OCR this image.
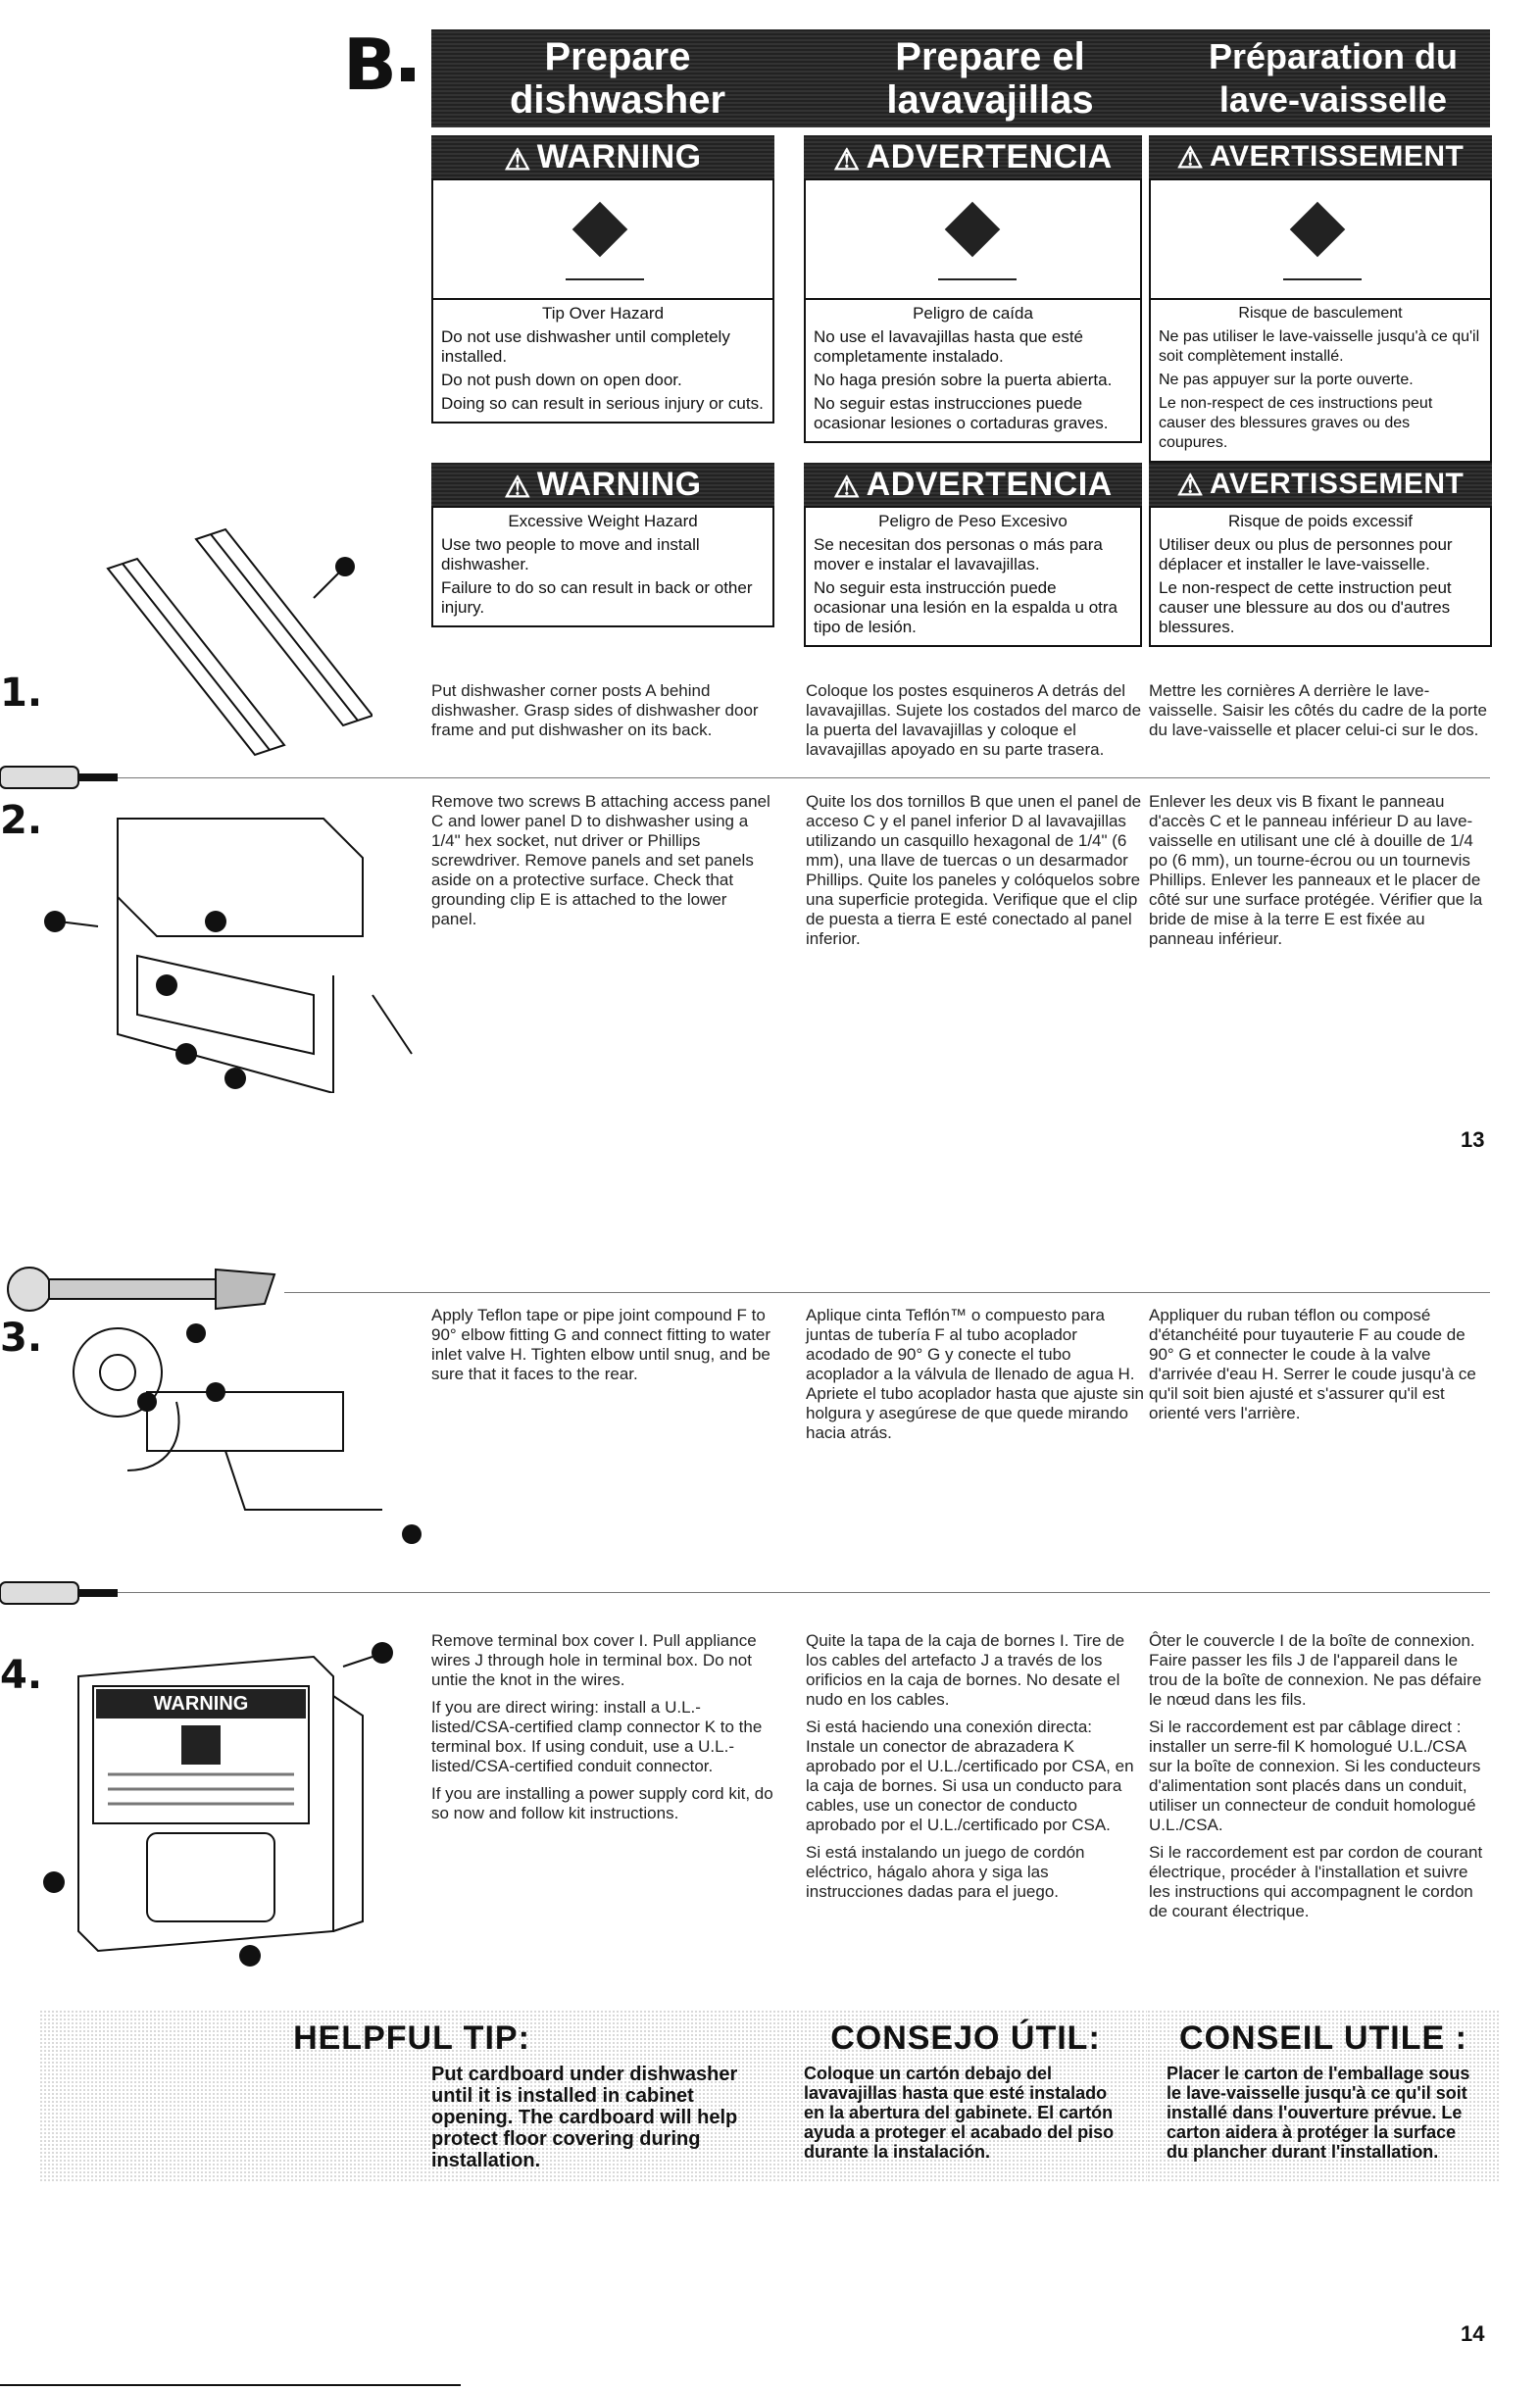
B	Prepare dishwasher
Prepare el lavavajillas
Préparation du lave-vaisselle
⚠ WARNING
Tip Over Hazard

Do not use dishwasher until completely installed.

Do not push down on open door.

Doing so can result in serious injury or cuts.

⚠ ADVERTENCIA
Peligro de caída

No use el lavavajillas hasta que esté completamente instalado.

No haga presión sobre la puerta abierta.

No seguir estas instrucciones puede ocasionar lesiones o cortaduras graves.

⚠ AVERTISSEMENT
Risque de basculement

Ne pas utiliser le lave-vaisselle jusqu'à ce qu'il soit complètement installé.

Ne pas appuyer sur la porte ouverte.

Le non-respect de ces instructions peut causer des blessures graves ou des coupures.

⚠ WARNING
Excessive Weight Hazard

Use two people to move and install dishwasher.

Failure to do so can result in back or other injury.

⚠ ADVERTENCIA
Peligro de Peso Excesivo

Se necesitan dos personas o más para mover e instalar el lavavajillas.

No seguir esta instrucción puede ocasionar una lesión en la espalda u otra tipo de lesión.

⚠ AVERTISSEMENT
Risque de poids excessif

Utiliser deux ou plus de personnes pour déplacer et installer le lave-vaisselle.

Le non-respect de cette instruction peut causer une blessure au dos ou d'autres blessures.

1.	Put dishwasher corner posts A behind dishwasher. Grasp sides of dishwasher door frame and put dishwasher on its back.
Coloque los postes esquineros A detrás del lavavajillas. Sujete los costados del marco de la puerta del lavavajillas y coloque el lavavajillas apoyado en su parte trasera.
Mettre les cornières A derrière le lave-vaisselle. Saisir les côtés du cadre de la porte du lave-vaisselle et placer celui-ci sur le dos.
2.	Remove two screws B attaching access panel C and lower panel D to dishwasher using a 1/4" hex socket, nut driver or Phillips screwdriver. Remove panels and set panels aside on a protective surface. Check that grounding clip E is attached to the lower panel.
Quite los dos tornillos B que unen el panel de acceso C y el panel inferior D al lavavajillas utilizando un casquillo hexagonal de 1/4" (6 mm), una llave de tuercas o un desarmador Phillips. Quite los paneles y colóquelos sobre una superficie protegida. Verifique que el clip de puesta a tierra E esté conectado al panel inferior.
Enlever les deux vis B fixant le panneau d'accès C et le panneau inférieur D au lave-vaisselle en utilisant une clé à douille de 1/4 po (6 mm), un tourne-écrou ou un tournevis Phillips. Enlever les panneaux et le placer de côté sur une surface protégée. Vérifier que la bride de mise à la terre E est fixée au panneau inférieur.
13
3.
Apply Teflon tape or pipe joint compound F to 90° elbow fitting G and connect fitting to water inlet valve H. Tighten elbow until snug, and be sure that it faces to the rear.
Aplique cinta Teflón™ o compuesto para juntas de tubería F al tubo acoplador acodado de 90° G y conecte el tubo acoplador a la válvula de llenado de agua H. Apriete el tubo acoplador hasta que ajuste sin holgura y asegúrese de que quede mirando hacia atrás.
Appliquer du ruban téflon ou composé d'étanchéité pour tuyauterie F au coude de 90° G et connecter le coude à la valve d'arrivée d'eau H. Serrer le coude jusqu'à ce qu'il soit bien ajusté et s'assurer qu'il est orienté vers l'arrière.
4.
WARNING

Remove terminal box cover I. Pull appliance wires J through hole in terminal box. Do not untie the knot in the wires.

If you are direct wiring: install a U.L.-listed/CSA-certified clamp connector K to the terminal box. If using conduit, use a U.L.-listed/CSA-certified conduit connector.

If you are installing a power supply cord kit, do so now and follow kit instructions.

Quite la tapa de la caja de bornes I. Tire de los cables del artefacto J a través de los orificios en la caja de bornes. No desate el nudo en los cables.

Si está haciendo una conexión directa: Instale un conector de abrazadera K aprobado por el U.L./certificado por CSA, en la caja de bornes. Si usa un conducto para cables, use un conector de conducto aprobado por el U.L./certificado por CSA.

Si está instalando un juego de cordón eléctrico, hágalo ahora y siga las instrucciones dadas para el juego.

Ôter le couvercle I de la boîte de connexion. Faire passer les fils J de l'appareil dans le trou de la boîte de connexion. Ne pas défaire le nœud dans les fils.

Si le raccordement est par câblage direct : installer un serre-fil K homologué U.L./CSA sur la boîte de connexion. Si les conducteurs d'alimentation sont placés dans un conduit, utiliser un connecteur de conduit homologué U.L./CSA.

Si le raccordement est par cordon de courant électrique, procéder à l'installation et suivre les instructions qui accompagnent le cordon de courant électrique.

HELPFUL TIP:
Put cardboard under dishwasher until it is installed in cabinet opening. The cardboard will help protect floor covering during installation.
CONSEJO ÚTIL:
Coloque un cartón debajo del lavavajillas hasta que esté instalado en la abertura del gabinete. El cartón ayuda a proteger el acabado del piso durante la instalación.
CONSEIL UTILE :
Placer le carton de l'emballage sous le lave-vaisselle jusqu'à ce qu'il soit installé dans l'ouverture prévue. Le carton aidera à protéger la surface du plancher durant l'installation.
14
